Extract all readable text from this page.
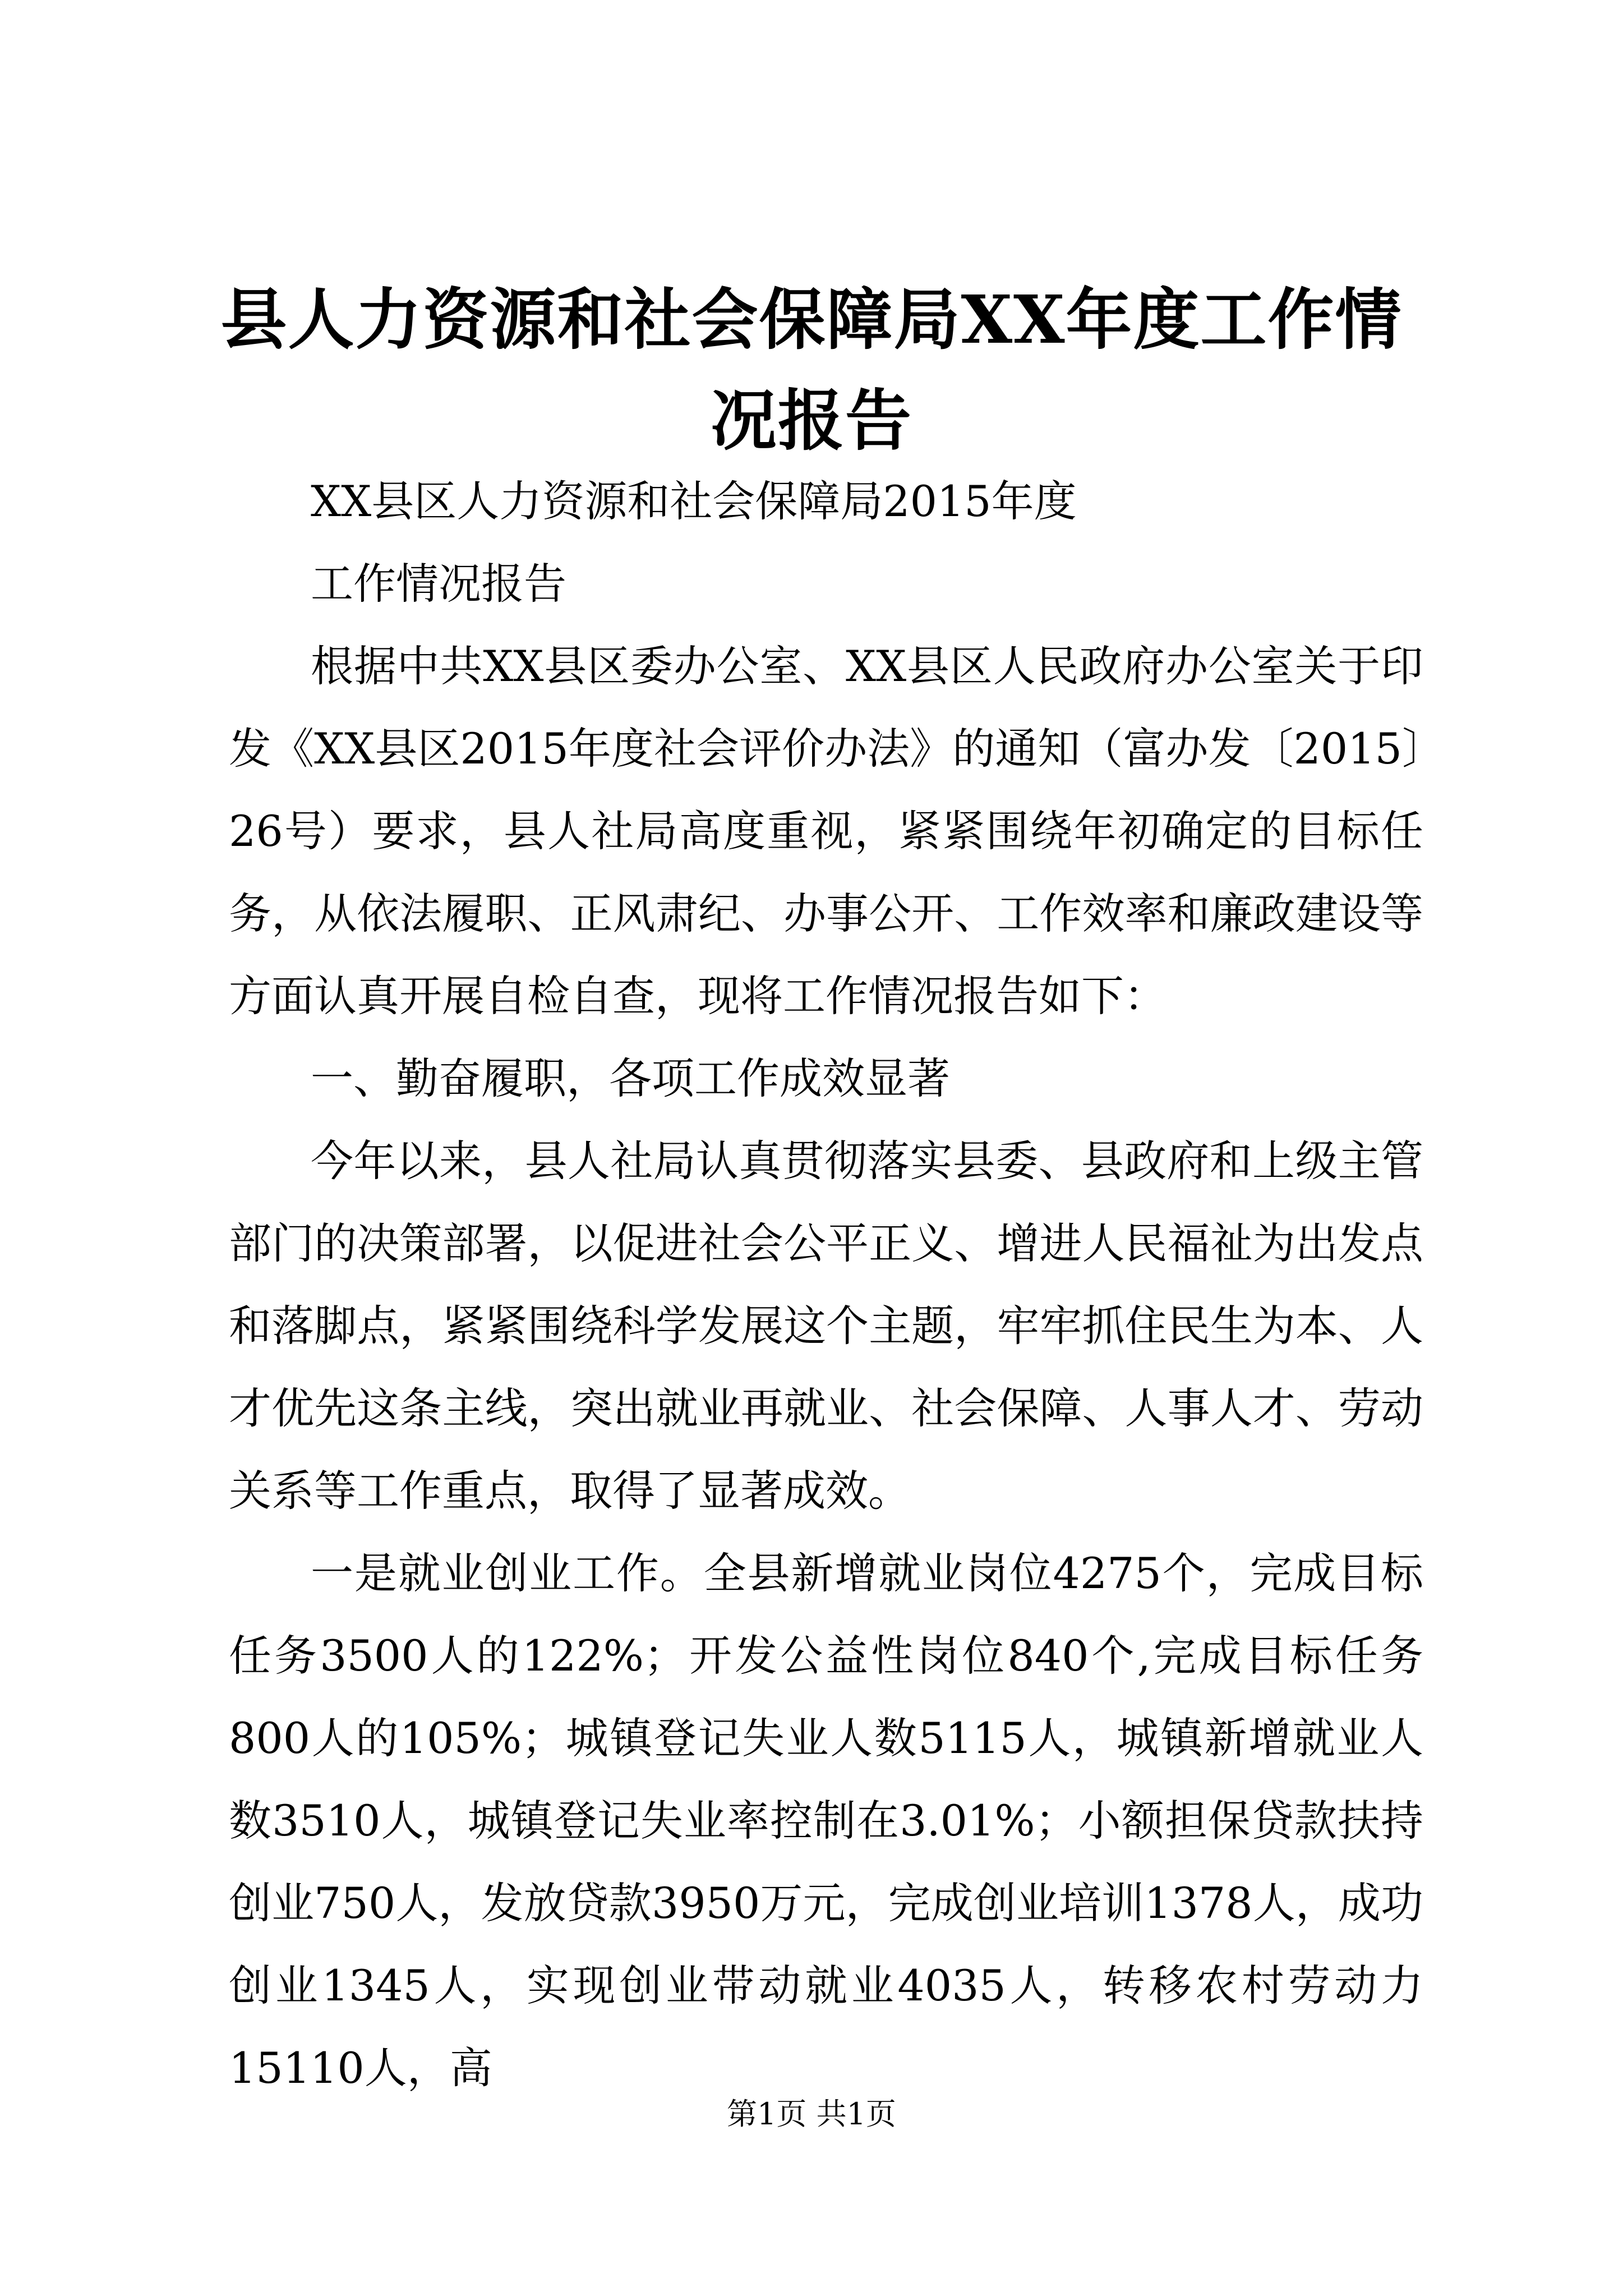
县人力资源和社会保障局XX年度工作情况报告

XX县区人力资源和社会保障局2015年度

工作情况报告

根据中共XX县区委办公室、XX县区人民政府办公室关于印发《XX县区2015年度社会评价办法》的通知（富办发〔2015〕26号）要求，县人社局高度重视，紧紧围绕年初确定的目标任务，从依法履职、正风肃纪、办事公开、工作效率和廉政建设等方面认真开展自检自查，现将工作情况报告如下：

一、勤奋履职，各项工作成效显著

今年以来，县人社局认真贯彻落实县委、县政府和上级主管部门的决策部署，以促进社会公平正义、增进人民福祉为出发点和落脚点，紧紧围绕科学发展这个主题，牢牢抓住民生为本、人才优先这条主线，突出就业再就业、社会保障、人事人才、劳动关系等工作重点，取得了显著成效。

一是就业创业工作。全县新增就业岗位4275个，完成目标任务3500人的122%；开发公益性岗位840个,完成目标任务800人的105%；城镇登记失业人数5115人，城镇新增就业人数3510人，城镇登记失业率控制在3.01%；小额担保贷款扶持创业750人，发放贷款3950万元，完成创业培训1378人，成功创业1345人，实现创业带动就业4035人，转移农村劳动力15110人，高

第1页 共1页
